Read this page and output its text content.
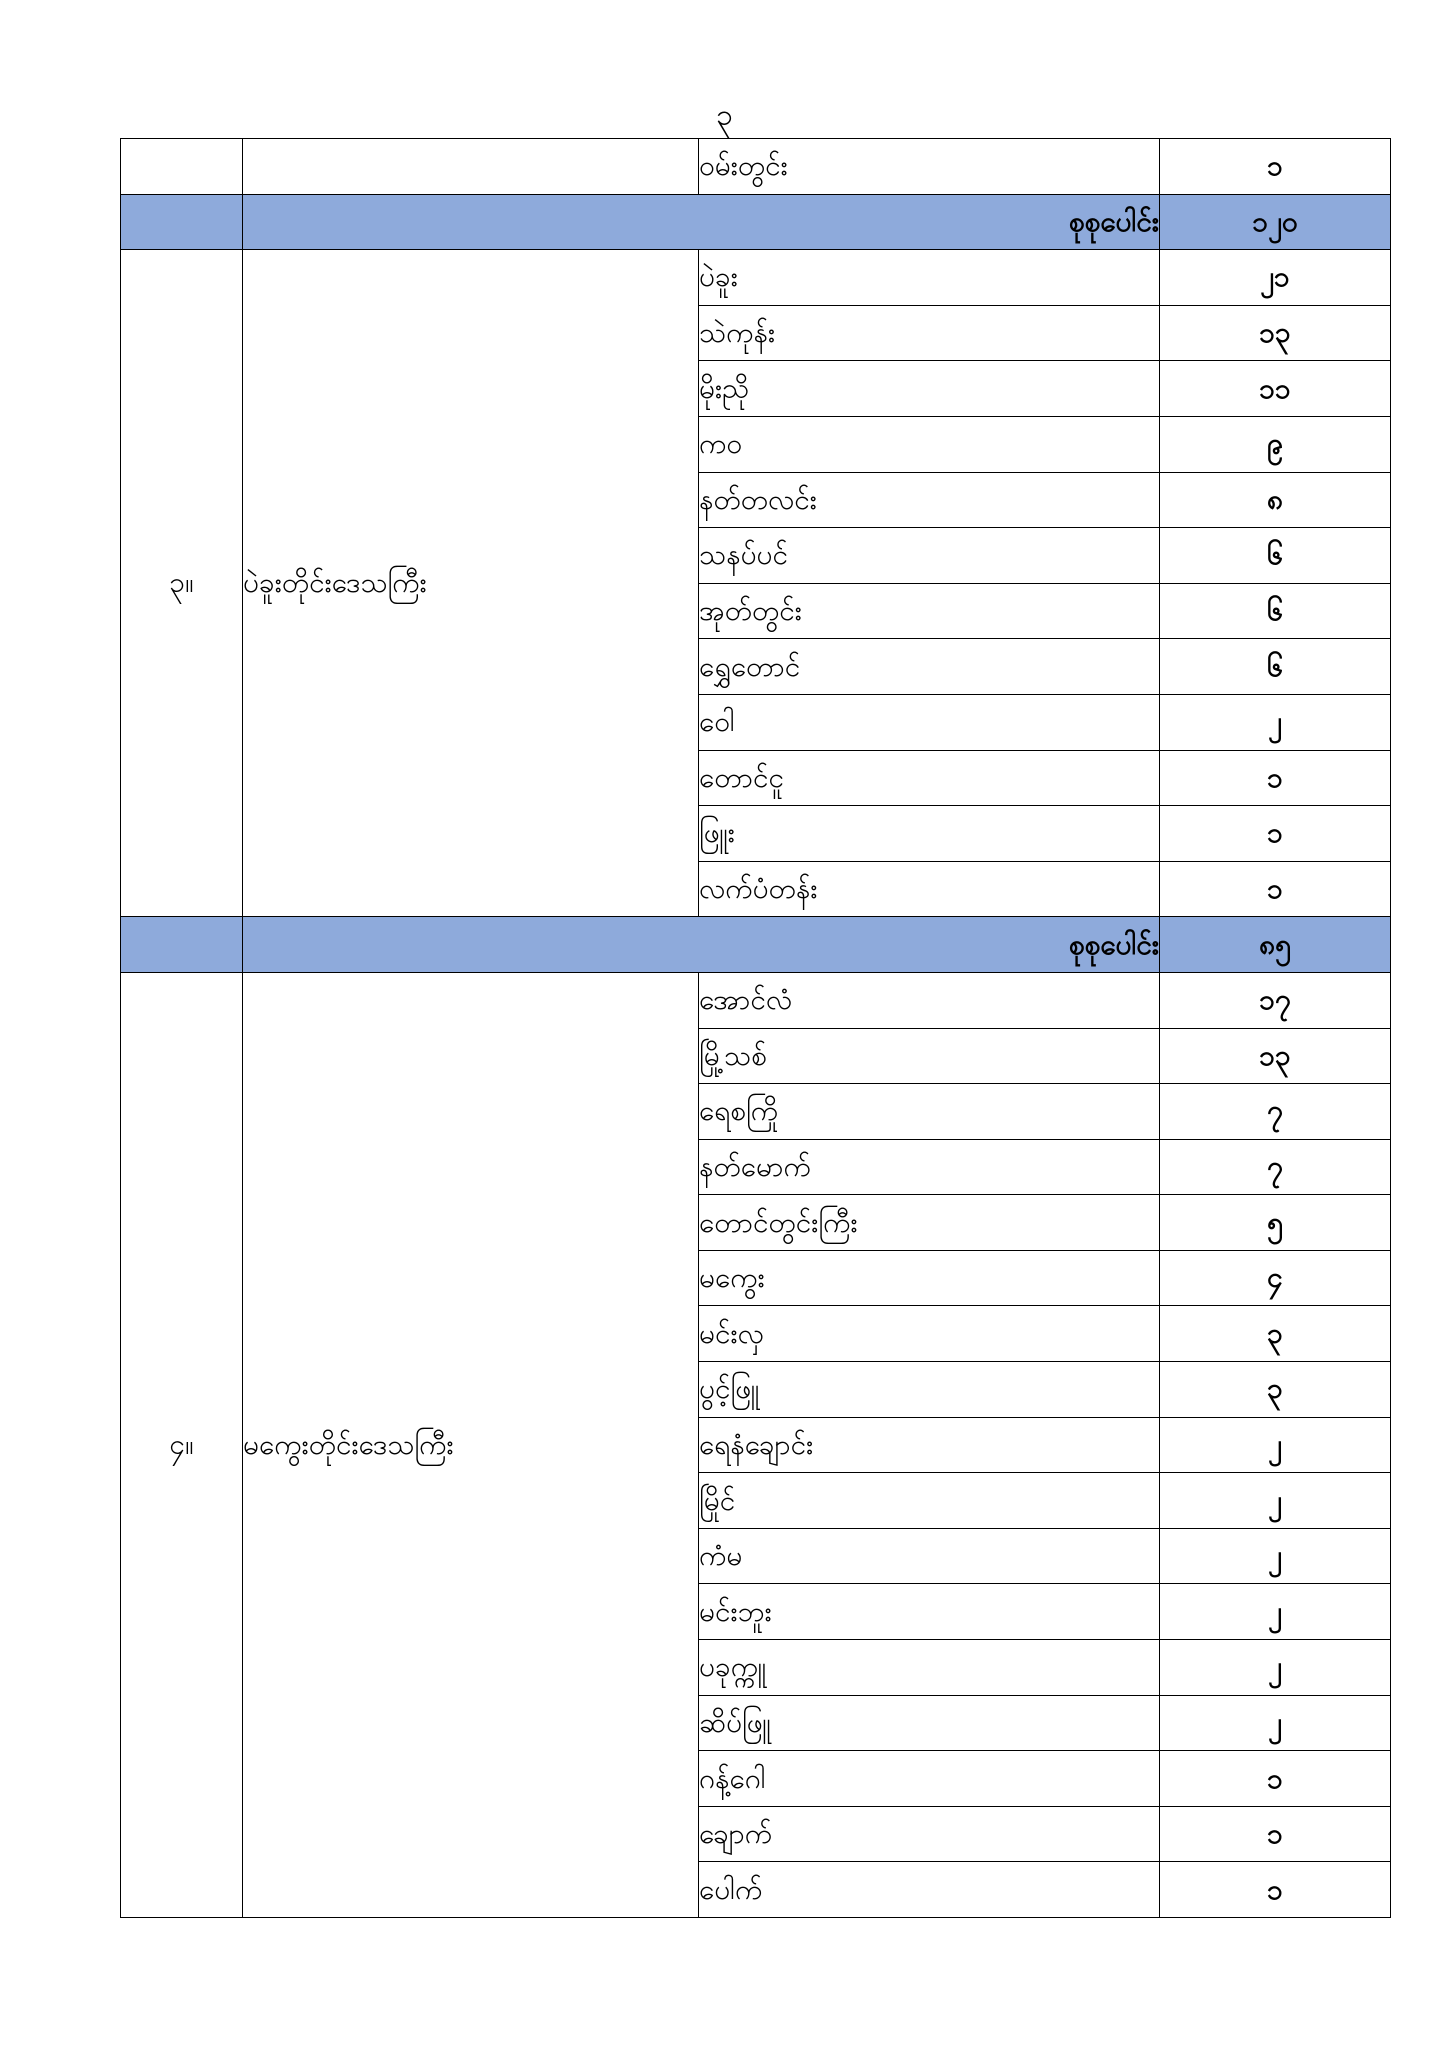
၃
		ဝမ်းတွင်း	၁
	စုစုပေါင်း		၁၂၀
၃။	ပဲခူးတိုင်းဒေသကြီး	ပဲခူး	၂၁
		သဲကုန်း	၁၃
		မိုးညို	၁၁
		ကဝ	၉
		နတ်တလင်း	၈
		သနပ်ပင်	၆
		အုတ်တွင်း	၆
		ရွှေတောင်	၆
		ဝေါ	၂
		တောင်ငူ	၁
		ဖြူး	၁
		လက်ပံတန်း	၁
	စုစုပေါင်း		၈၅
၄။	မကွေးတိုင်းဒေသကြီး	အောင်လံ	၁၇
		မြို့သစ်	၁၃
		ရေစကြို	၇
		နတ်မောက်	၇
		တောင်တွင်းကြီး	၅
		မကွေး	၄
		မင်းလှ	၃
		ပွင့်ဖြူ	၃
		ရေနံချောင်း	၂
		မြိုင်	၂
		ကံမ	၂
		မင်းဘူး	၂
		ပခုက္ကူ	၂
		ဆိပ်ဖြူ	၂
		ဂန့်ဂေါ	၁
		ချောက်	၁
		ပေါက်	၁
